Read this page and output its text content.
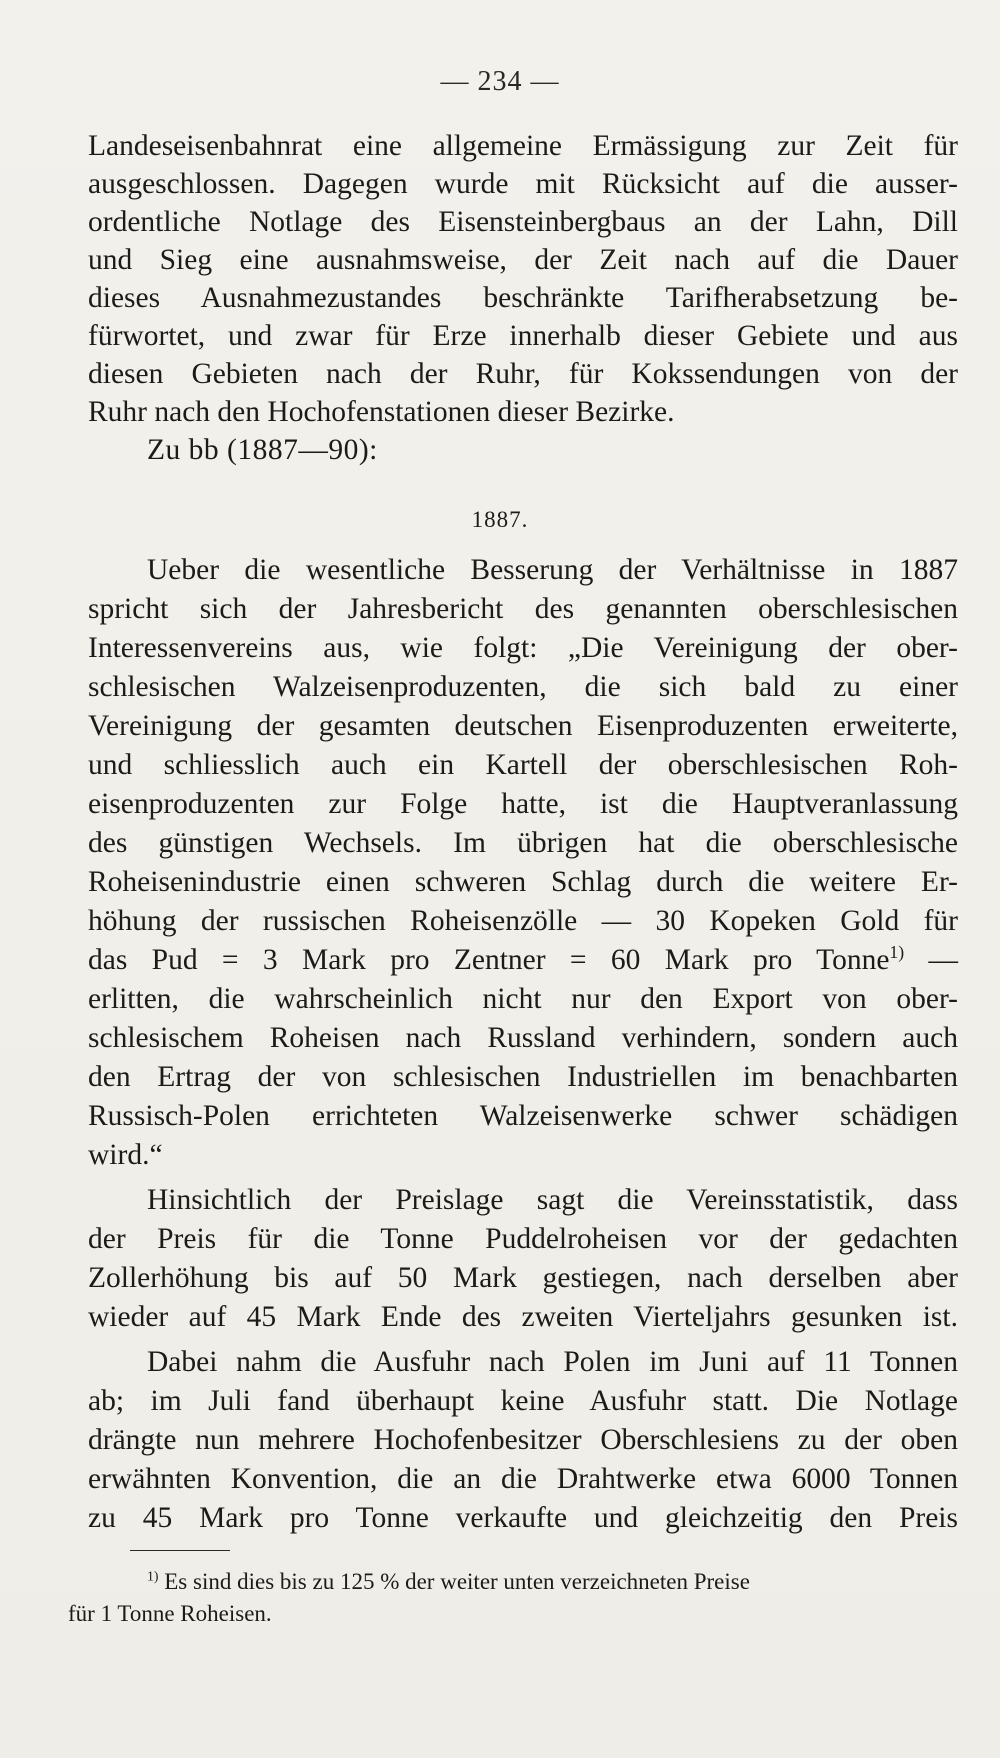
— 234 —
Landeseisenbahnrat eine allgemeine Ermässigung zur Zeit für
ausgeschlossen. Dagegen wurde mit Rücksicht auf die ausser-
ordentliche Notlage des Eisensteinbergbaus an der Lahn, Dill
und Sieg eine ausnahmsweise, der Zeit nach auf die Dauer
dieses Ausnahmezustandes beschränkte Tarifherabsetzung be-
fürwortet, und zwar für Erze innerhalb dieser Gebiete und aus
diesen Gebieten nach der Ruhr, für Kokssendungen von der
Ruhr nach den Hochofenstationen dieser Bezirke.
Zu bb (1887—90):
1887.
Ueber die wesentliche Besserung der Verhältnisse in 1887
spricht sich der Jahresbericht des genannten oberschlesischen
Interessenvereins aus, wie folgt: „Die Vereinigung der ober-
schlesischen Walzeisenproduzenten, die sich bald zu einer
Vereinigung der gesamten deutschen Eisenproduzenten erweiterte,
und schliesslich auch ein Kartell der oberschlesischen Roh-
eisenproduzenten zur Folge hatte, ist die Hauptveranlassung
des günstigen Wechsels. Im übrigen hat die oberschlesische
Roheisenindustrie einen schweren Schlag durch die weitere Er-
höhung der russischen Roheisenzölle — 30 Kopeken Gold für
das Pud = 3 Mark pro Zentner = 60 Mark pro Tonne$^{1)}$ —
erlitten, die wahrscheinlich nicht nur den Export von ober-
schlesischem Roheisen nach Russland verhindern, sondern auch
den Ertrag der von schlesischen Industriellen im benachbarten
Russisch-Polen errichteten Walzeisenwerke schwer schädigen
wird.“
Hinsichtlich der Preislage sagt die Vereinsstatistik, dass
der Preis für die Tonne Puddelroheisen vor der gedachten
Zollerhöhung bis auf 50 Mark gestiegen, nach derselben aber
wieder auf 45 Mark Ende des zweiten Vierteljahrs gesunken ist.
Dabei nahm die Ausfuhr nach Polen im Juni auf 11 Tonnen
ab; im Juli fand überhaupt keine Ausfuhr statt. Die Notlage
drängte nun mehrere Hochofenbesitzer Oberschlesiens zu der oben
erwähnten Konvention, die an die Drahtwerke etwa 6000 Tonnen
zu 45 Mark pro Tonne verkaufte und gleichzeitig den Preis
$^{1)}$ Es sind dies bis zu 125 % der weiter unten verzeichneten Preise
für 1 Tonne Roheisen.
